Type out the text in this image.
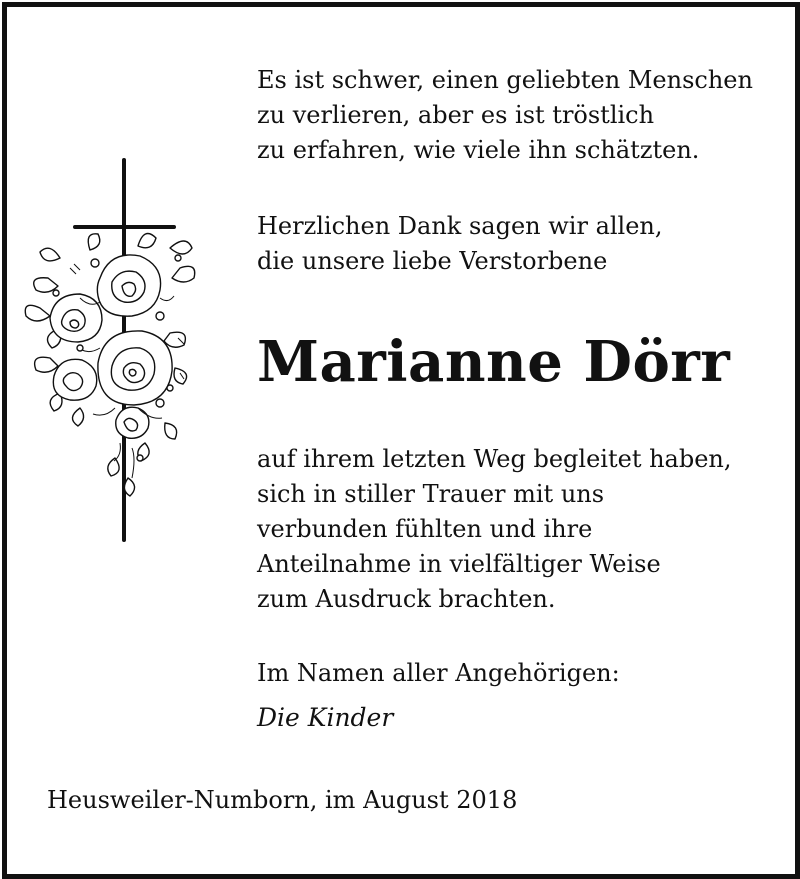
Es ist schwer, einen geliebten Menschen
zu verlieren, aber es ist tröstlich
zu erfahren, wie viele ihn schätzten.
Herzlichen Dank sagen wir allen,
die unsere liebe Verstorbene
Marianne Dörr
auf ihrem letzten Weg begleitet haben,
sich in stiller Trauer mit uns
verbunden fühlten und ihre
Anteilnahme in vielfältiger Weise
zum Ausdruck brachten.
Im Namen aller Angehörigen:

Die Kinder

Heusweiler-Numborn, im August 2018
